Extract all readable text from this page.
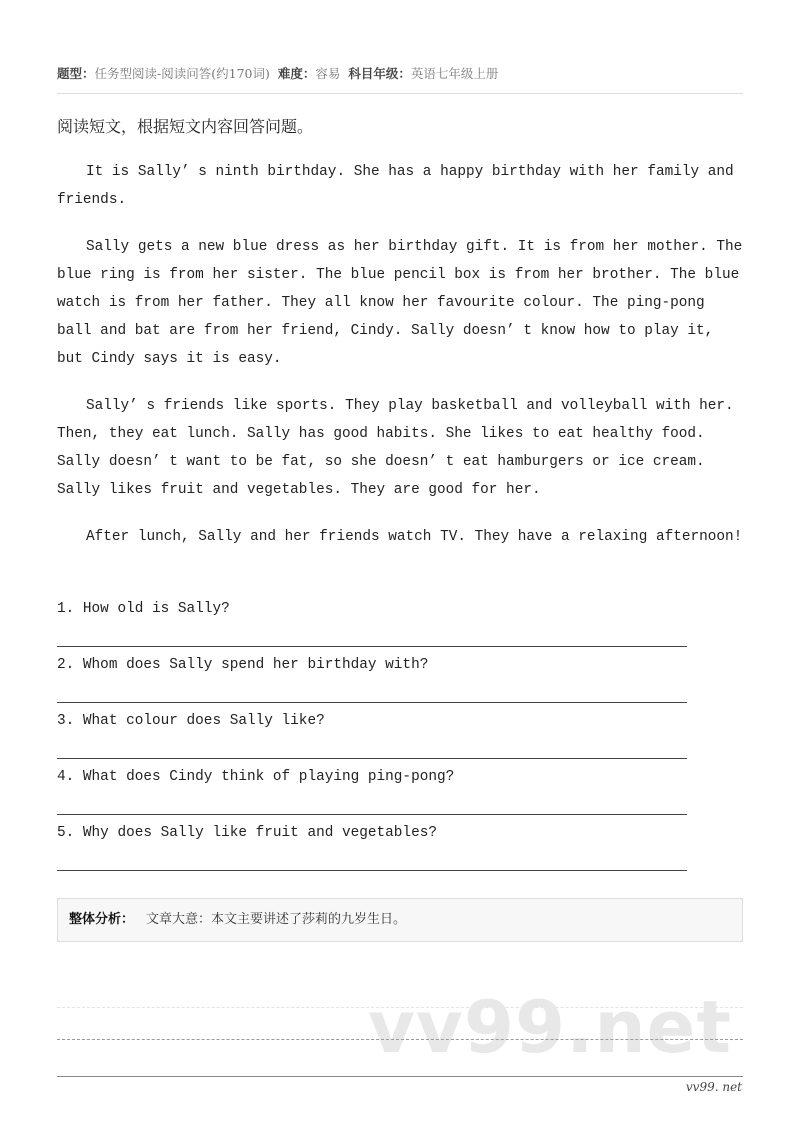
题型：任务型阅读-阅读问答(约170词) 难度：容易 科目年级：英语七年级上册
阅读短文，根据短文内容回答问题。

It is Sally’ s ninth birthday. She has a happy birthday with her family and friends.

Sally gets a new blue dress as her birthday gift. It is from her mother. The blue ring is from her sister. The blue pencil box is from her brother. The blue watch is from her father. They all know her favourite colour. The ping-pong ball and bat are from her friend, Cindy. Sally doesn’ t know how to play it, but Cindy says it is easy.

Sally’ s friends like sports. They play basketball and volleyball with her. Then, they eat lunch. Sally has good habits. She likes to eat healthy food. Sally doesn’ t want to be fat, so she doesn’ t eat hamburgers or ice cream. Sally likes fruit and vegetables. They are good for her.

After lunch, Sally and her friends watch TV. They have a relaxing afternoon!

1. How old is Sally?
2. Whom does Sally spend her birthday with?
3. What colour does Sally like?
4. What does Cindy think of playing ping-pong?
5. Why does Sally like fruit and vegetables?
整体分析： 文章大意：本文主要讲述了莎莉的九岁生日。
vv99.net
vv99. net
